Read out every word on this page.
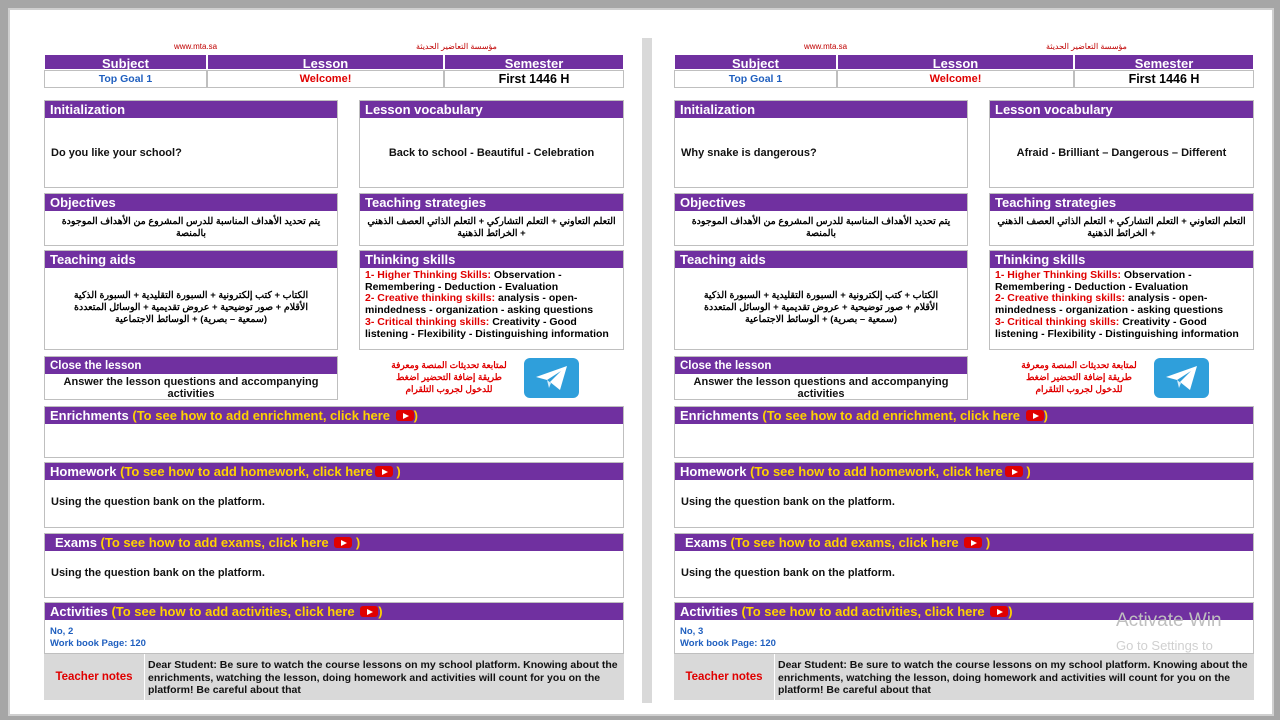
www.mta.sa	مؤسسة التعاضير الحديثة
Subject	Lesson	Semester
Top Goal 1	Welcome!	First 1446 H
Initialization
Do you like your school?
Lesson vocabulary
Back to school - Beautiful - Celebration
Objectives
يتم تحديد الأهداف المناسبة للدرس المشروع من الأهداف الموجودة بالمنصة
Teaching strategies
التعلم التعاوني + التعلم التشاركي + التعلم الذاتي العصف الذهني + الخرائط الذهنية
Teaching aids
الكتاب + كتب إلكترونية + السبورة التقليدية + السبورة الذكية الأقلام + صور توضيحية + عروض تقديمية + الوسائل المتعددة (سمعية – بصرية) + الوسائط الاجتماعية
Thinking skills
1- Higher Thinking Skills: Observation - Remembering - Deduction - Evaluation
2- Creative thinking skills: analysis - open-mindedness - organization - asking questions
3- Critical thinking skills: Creativity - Good listening - Flexibility - Distinguishing information
Close the lesson
Answer the lesson questions and accompanying activities
لمتابعة تحديثات المنصة ومعرفة طريقة إضافة التحضير اضغط للدخول لجروب التلقرام
Enrichments (To see how to add enrichment, click here )
Homework (To see how to add homework, click here )
Using the question bank on the platform.
Exams (To see how to add exams, click here )
Using the question bank on the platform.
Activities (To see how to add activities, click here )
No, 2
Work book Page: 120
Teacher notes
Dear Student: Be sure to watch the course lessons on my school platform. Knowing about the enrichments, watching the lesson, doing homework and activities will count for you on the platform! Be careful about that
www.mta.sa	مؤسسة التعاضير الحديثة
Subject	Lesson	Semester
Top Goal 1	Welcome!	First 1446 H
Initialization
Why snake is dangerous?
Lesson vocabulary
Afraid - Brilliant – Dangerous – Different
Objectives
يتم تحديد الأهداف المناسبة للدرس المشروع من الأهداف الموجودة بالمنصة
Teaching strategies
التعلم التعاوني + التعلم التشاركي + التعلم الذاتي العصف الذهني + الخرائط الذهنية
Teaching aids
الكتاب + كتب إلكترونية + السبورة التقليدية + السبورة الذكية الأقلام + صور توضيحية + عروض تقديمية + الوسائل المتعددة (سمعية – بصرية) + الوسائط الاجتماعية
Thinking skills
1- Higher Thinking Skills: Observation - Remembering - Deduction - Evaluation
2- Creative thinking skills: analysis - open-mindedness - organization - asking questions
3- Critical thinking skills: Creativity - Good listening - Flexibility - Distinguishing information
Close the lesson
Answer the lesson questions and accompanying activities
لمتابعة تحديثات المنصة ومعرفة طريقة إضافة التحضير اضغط للدخول لجروب التلقرام
Enrichments (To see how to add enrichment, click here )
Homework (To see how to add homework, click here )
Using the question bank on the platform.
Exams (To see how to add exams, click here )
Using the question bank on the platform.
Activities (To see how to add activities, click here )
No, 3
Work book Page: 120
Teacher notes
Dear Student: Be sure to watch the course lessons on my school platform. Knowing about the enrichments, watching the lesson, doing homework and activities will count for you on the platform! Be careful about that
Activate Win
Go to Settings to
